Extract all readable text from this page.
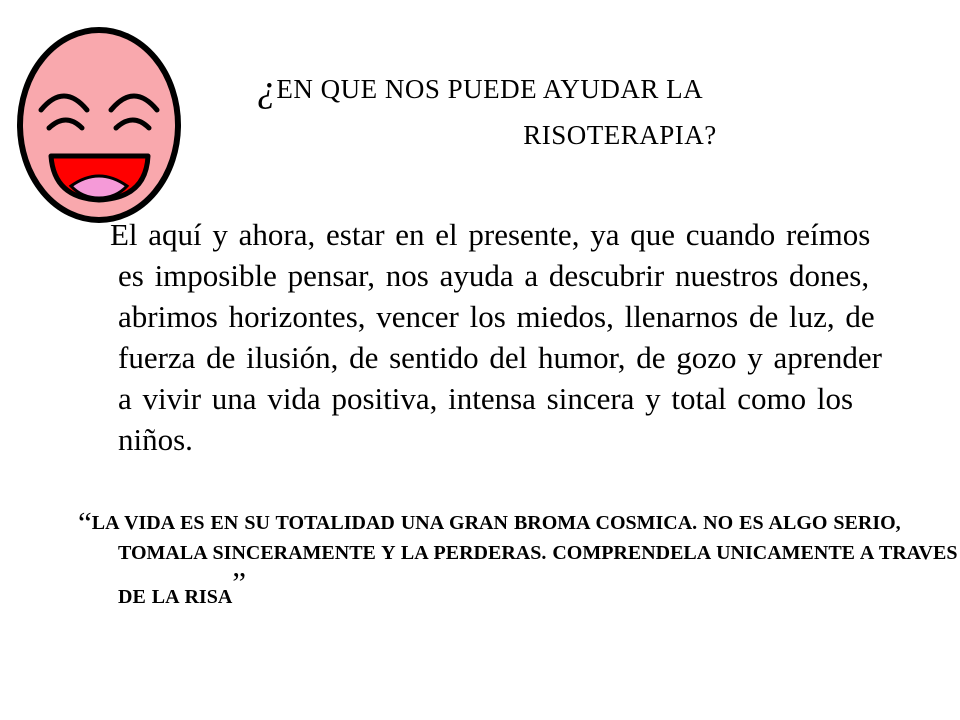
¿EN QUE NOS PUEDE AYUDAR LA
RISOTERAPIA?
El aquí y ahora, estar en el presente, ya que cuando reímos es imposible pensar, nos ayuda a descubrir nuestros dones, abrimos horizontes, vencer los miedos, llenarnos de luz, de fuerza de ilusión, de sentido del humor, de gozo y aprender a vivir una vida positiva, intensa sincera y total como los niños.
“LA VIDA ES EN SU TOTALIDAD UNA GRAN BROMA COSMICA. NO ES ALGO SERIO, TOMALA SINCERAMENTE Y LA PERDERAS. COMPRENDELA UNICAMENTE A TRAVES DE LA RISA”
